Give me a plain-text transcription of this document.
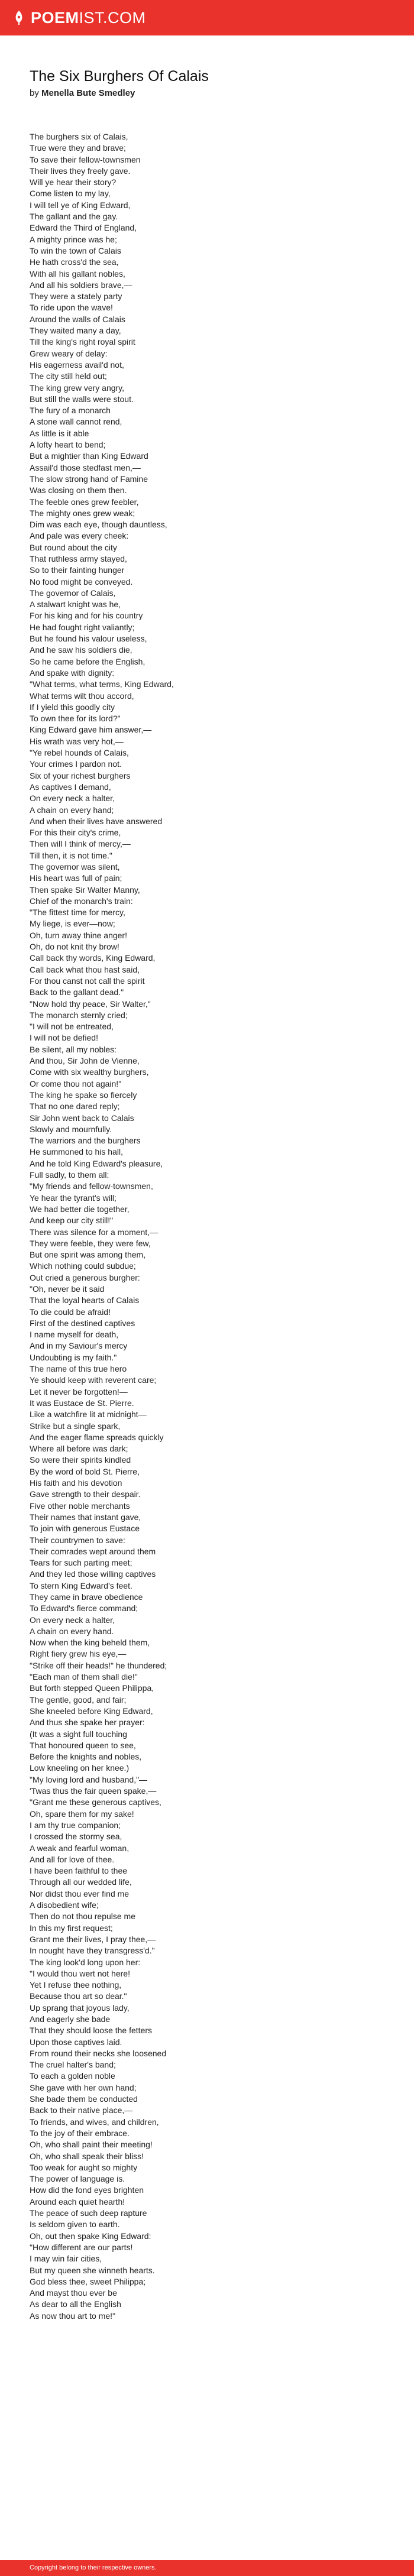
POEMIST.COM
The Six Burghers Of Calais
by Menella Bute Smedley
The burghers six of Calais,
True were they and brave;
To save their fellow-townsmen
Their lives they freely gave.
Will ye hear their story?
Come listen to my lay,
I will tell ye of King Edward,
The gallant and the gay.
Edward the Third of England,
A mighty prince was he;
To win the town of Calais
He hath cross'd the sea,
With all his gallant nobles,
And all his soldiers brave,—
They were a stately party
To ride upon the wave!
Around the walls of Calais
They waited many a day,
Till the king's right royal spirit
Grew weary of delay:
His eagerness avail'd not,
The city still held out;
The king grew very angry,
But still the walls were stout.
The fury of a monarch
A stone wall cannot rend,
As little is it able
A lofty heart to bend;
But a mightier than King Edward
Assail'd those stedfast men,—
The slow strong hand of Famine
Was closing on them then.
The feeble ones grew feebler,
The mighty ones grew weak;
Dim was each eye, though dauntless,
And pale was every cheek:
But round about the city
That ruthless army stayed,
So to their fainting hunger
No food might be conveyed.
The governor of Calais,
A stalwart knight was he,
For his king and for his country
He had fought right valiantly;
But he found his valour useless,
And he saw his soldiers die,
So he came before the English,
And spake with dignity:
"What terms, what terms, King Edward,
What terms wilt thou accord,
If I yield this goodly city
To own thee for its lord?"
King Edward gave him answer,—
His wrath was very hot,—
"Ye rebel hounds of Calais,
Your crimes I pardon not.
Six of your richest burghers
As captives I demand,
On every neck a halter,
A chain on every hand;
And when their lives have answered
For this their city's crime,
Then will I think of mercy,—
Till then, it is not time."
The governor was silent,
His heart was full of pain;
Then spake Sir Walter Manny,
Chief of the monarch's train:
"The fittest time for mercy,
My liege, is ever—now;
Oh, turn away thine anger!
Oh, do not knit thy brow!
Call back thy words, King Edward,
Call back what thou hast said,
For thou canst not call the spirit
Back to the gallant dead."
"Now hold thy peace, Sir Walter,"
The monarch sternly cried;
"I will not be entreated,
I will not be defied!
Be silent, all my nobles:
And thou, Sir John de Vienne,
Come with six wealthy burghers,
Or come thou not again!"
The king he spake so fiercely
That no one dared reply;
Sir John went back to Calais
Slowly and mournfully.
The warriors and the burghers
He summoned to his hall,
And he told King Edward's pleasure,
Full sadly, to them all:
"My friends and fellow-townsmen,
Ye hear the tyrant's will;
We had better die together,
And keep our city still!"
There was silence for a moment,—
They were feeble, they were few,
But one spirit was among them,
Which nothing could subdue;
Out cried a generous burgher:
"Oh, never be it said
That the loyal hearts of Calais
To die could be afraid!
First of the destined captives
I name myself for death,
And in my Saviour's mercy
Undoubting is my faith."
The name of this true hero
Ye should keep with reverent care;
Let it never be forgotten!—
It was Eustace de St. Pierre.
Like a watchfire lit at midnight—
Strike but a single spark,
And the eager flame spreads quickly
Where all before was dark;
So were their spirits kindled
By the word of bold St. Pierre,
His faith and his devotion
Gave strength to their despair.
Five other noble merchants
Their names that instant gave,
To join with generous Eustace
Their countrymen to save:
Their comrades wept around them
Tears for such parting meet;
And they led those willing captives
To stern King Edward's feet.
They came in brave obedience
To Edward's fierce command;
On every neck a halter,
A chain on every hand.
Now when the king beheld them,
Right fiery grew his eye,—
"Strike off their heads!" he thundered;
"Each man of them shall die!"
But forth stepped Queen Philippa,
The gentle, good, and fair;
She kneeled before King Edward,
And thus she spake her prayer:
(It was a sight full touching
That honoured queen to see,
Before the knights and nobles,
Low kneeling on her knee.)
"My loving lord and husband,"—
'Twas thus the fair queen spake,—
"Grant me these generous captives,
Oh, spare them for my sake!
I am thy true companion;
I crossed the stormy sea,
A weak and fearful woman,
And all for love of thee.
I have been faithful to thee
Through all our wedded life,
Nor didst thou ever find me
A disobedient wife;
Then do not thou repulse me
In this my first request;
Grant me their lives, I pray thee,—
In nought have they transgress'd."
The king look'd long upon her:
"I would thou wert not here!
Yet I refuse thee nothing,
Because thou art so dear."
Up sprang that joyous lady,
And eagerly she bade
That they should loose the fetters
Upon those captives laid.
From round their necks she loosened
The cruel halter's band;
To each a golden noble
She gave with her own hand;
She bade them be conducted
Back to their native place,—
To friends, and wives, and children,
To the joy of their embrace.
Oh, who shall paint their meeting!
Oh, who shall speak their bliss!
Too weak for aught so mighty
The power of language is.
How did the fond eyes brighten
Around each quiet hearth!
The peace of such deep rapture
Is seldom given to earth.
Oh, out then spake King Edward:
"How different are our parts!
I may win fair cities,
But my queen she winneth hearts.
God bless thee, sweet Philippa;
And mayst thou ever be
As dear to all the English
As now thou art to me!"
Copyright belong to their respective owners.
